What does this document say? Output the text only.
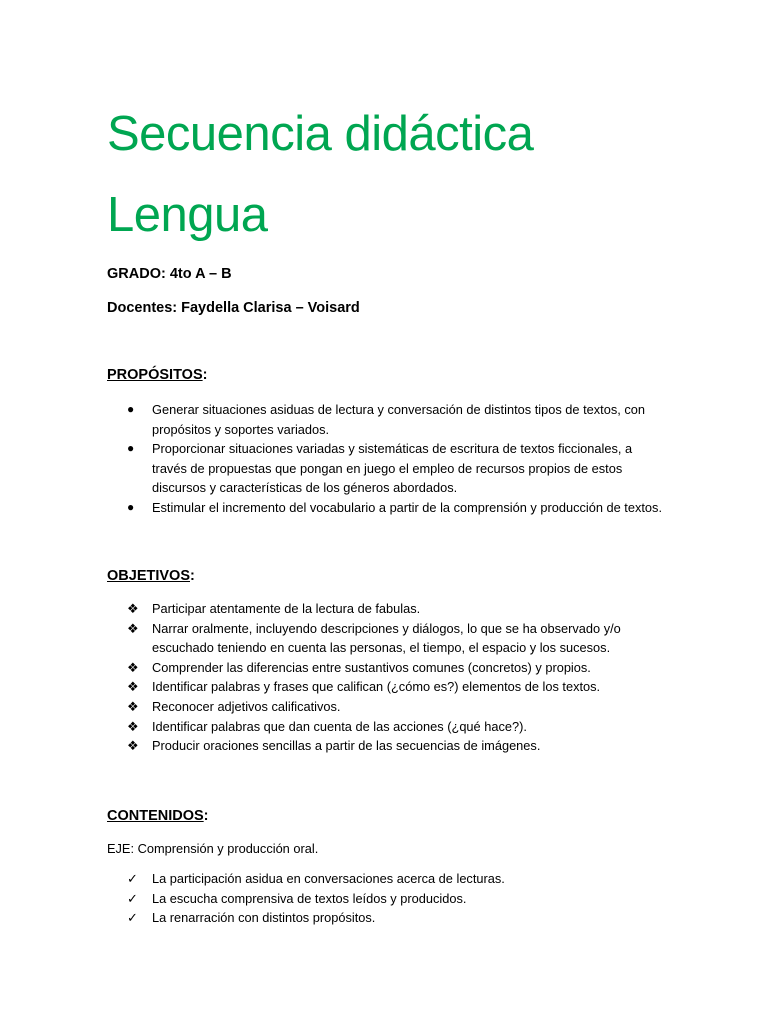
Secuencia didáctica
Lengua

GRADO: 4to A – B

Docentes: Faydella Clarisa – Voisard

PROPÓSITOS:

●	Generar situaciones asiduas de lectura y conversación de distintos tipos de textos, con propósitos y soportes variados.
●	Proporcionar situaciones variadas y sistemáticas de escritura de textos ficcionales, a través de propuestas que pongan en juego el empleo de recursos propios de estos discursos y características de los géneros abordados.
●	Estimular el incremento del vocabulario a partir de la comprensión y producción de textos.

OBJETIVOS:

❖	Participar atentamente de la lectura de fabulas.
❖	Narrar oralmente, incluyendo descripciones y diálogos, lo que se ha observado y/o escuchado teniendo en cuenta las personas, el tiempo, el espacio y los sucesos.
❖	Comprender las diferencias entre sustantivos comunes (concretos) y propios.
❖	Identificar palabras y frases que califican (¿cómo es?) elementos de los textos.
❖	Reconocer adjetivos calificativos.
❖	Identificar palabras que dan cuenta de las acciones (¿qué hace?).
❖	Producir oraciones sencillas a partir de las secuencias de imágenes.

CONTENIDOS:

EJE: Comprensión y producción oral.

✓	La participación asidua en conversaciones acerca de lecturas.
✓	La escucha comprensiva de textos leídos y producidos.
✓	La renarración con distintos propósitos.
